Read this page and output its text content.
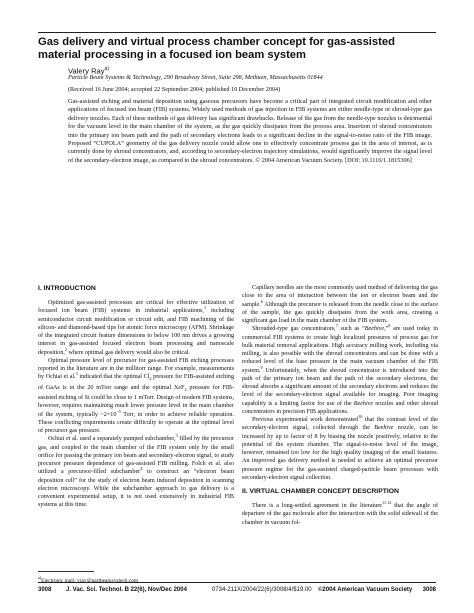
Gas delivery and virtual process chamber concept for gas-assisted material processing in a focused ion beam system
Valery Ray$^{a)}$
Particle Beam Systems & Technology, 290 Broadway Street, Suite 298, Methuen, Massachusetts 01844
(Received 16 June 2004; accepted 22 September 2004; published 10 December 2004)

Gas-assisted etching and material deposition using gaseous precursors have become a critical part of integrated circuit modification and other applications of focused ion beam (FIB) systems. Widely used methods of gas injection in FIB systems are either needle-type or shroud-type gas delivery nozzles. Each of these methods of gas delivery has significant drawbacks. Release of the gas from the needle-type nozzles is detrimental for the vacuum level in the main chamber of the system, as the gas quickly dissipates from the process area. Insertion of shroud concentrators into the primary ion beam path and the path of secondary electrons leads to a significant decline in the signal-to-noise ratio of the FIB image. Proposed “CUPOLA” geometry of the gas delivery nozzle could allow one to effectively concentrate process gas in the area of interest, as is currently done by shroud concentrators, and, according to secondary-electron trajectory simulations, would significantly improve the signal level of the secondary-electron image, as compared to the shroud concentrators. © 2004 American Vacuum Society. [DOI: 10.1116/1.1815306]

I. INTRODUCTION

Optimized gas-assisted processes are critical for effective utilization of focused ion beam (FIB) systems in industrial applications,$^1$ including semiconductor circuit modification or circuit edit, and FIB machining of the silicon- and diamond-based tips for atomic force microscopy (AFM). Shrinkage of the integrated circuit feature dimensions to below 100 nm drives a growing interest in gas-assisted focused electron beam processing and nanoscale deposition,$^2$ where optimal gas delivery would also be critical.

Optimal pressure level of precursor for gas-assisted FIB etching processes reported in the literature are in the millitorr range. For example, measurements by Ochiai et al.$^3$ indicated that the optimal $Cl_2$ pressure for FIB-assisted etching of GaAs is in the 20 mTorr range and the optimal XeF$_2$ pressure for FIB-assisted etching of Si could be close to 1 mTorr. Design of modern FIB systems, however, requires maintaining much lower pressure level in the main chamber of the system, typically $\sim 2\times 10^{-5}$ Torr, in order to achieve reliable operation. These conflicting requirements create difficulty to operate at the optimal level of precursor gas pressure.

Ochiai et al. used a separately pumped subchamber,$^3$ filled by the precursor gas, and coupled to the main chamber of the FIB system only by the small orifice for passing the primary ion beam and secondary-electron signal, to study precursor pressure dependence of gas-assisted FIB milling. Folch et al. also utilized a precursor-filled subchamber$^4$ to construct an “electron beam deposition cell” for the study of electron beam induced deposition in scanning electron microscopy. While the subchamber approach to gas delivery is a convenient experimental setup, it is not used extensively in industrial FIB systems at this time.

Capillary needles are the most commonly used method of delivering the gas close to the area of interaction between the ion or electron beam and the sample.$^6$ Although the precursor is released from the needle close to the surface of the sample, the gas quickly dissipates from the work area, creating a significant gas load in the main chamber of the FIB system.

Shrouded-type gas concentrators,$^7$ such as “Beehive,”$^8$ are used today in commercial FIB systems to create high localized pressures of process gas for bulk material removal applications. High accuracy milling work, including via milling, is also possible with the shroud concentrators and can be done with a reduced level of the base pressure in the main vacuum chamber of the FIB system.$^9$ Unfortunately, when the shroud concentrator is introduced into the path of the primary ion beam and the path of the secondary electrons, the shroud absorbs a significant amount of the secondary electrons and reduces the level of the secondary-electron signal available for imaging. Poor imaging capability is a limiting factor for use of the Beehive nozzles and other shroud concentrators in precision FIB applications.

Previous experimental work demonstrated$^{10}$ that the contrast level of the secondary-electron signal, collected through the Beehive nozzle, can be increased by up to factor of 8 by biasing the nozzle positively, relative to the potential of the system chamber. The signal-to-noise level of the image, however, remained too low for the high quality imaging of the small features. An improved gas delivery method is needed to achieve an optimal precursor pressure regime for the gas-assisted charged-particle beam processes with secondary-electron signal collection.

II. VIRTUAL CHAMBER CONCEPT DESCRIPTION

There is a long-settled agreement in the literature$^{11,12}$ that the angle of departure of the gas molecule after the interaction with the solid sidewall of the chamber in vacuum fol-

$^{a)}$Electronic mail: vray@partbeamsystech.com
3008 J. Vac. Sci. Technol. B 22(6), Nov/Dec 2004	0734-211X/2004/22(6)/3008/4/$19.00 ©2004 American Vacuum Society 3008
